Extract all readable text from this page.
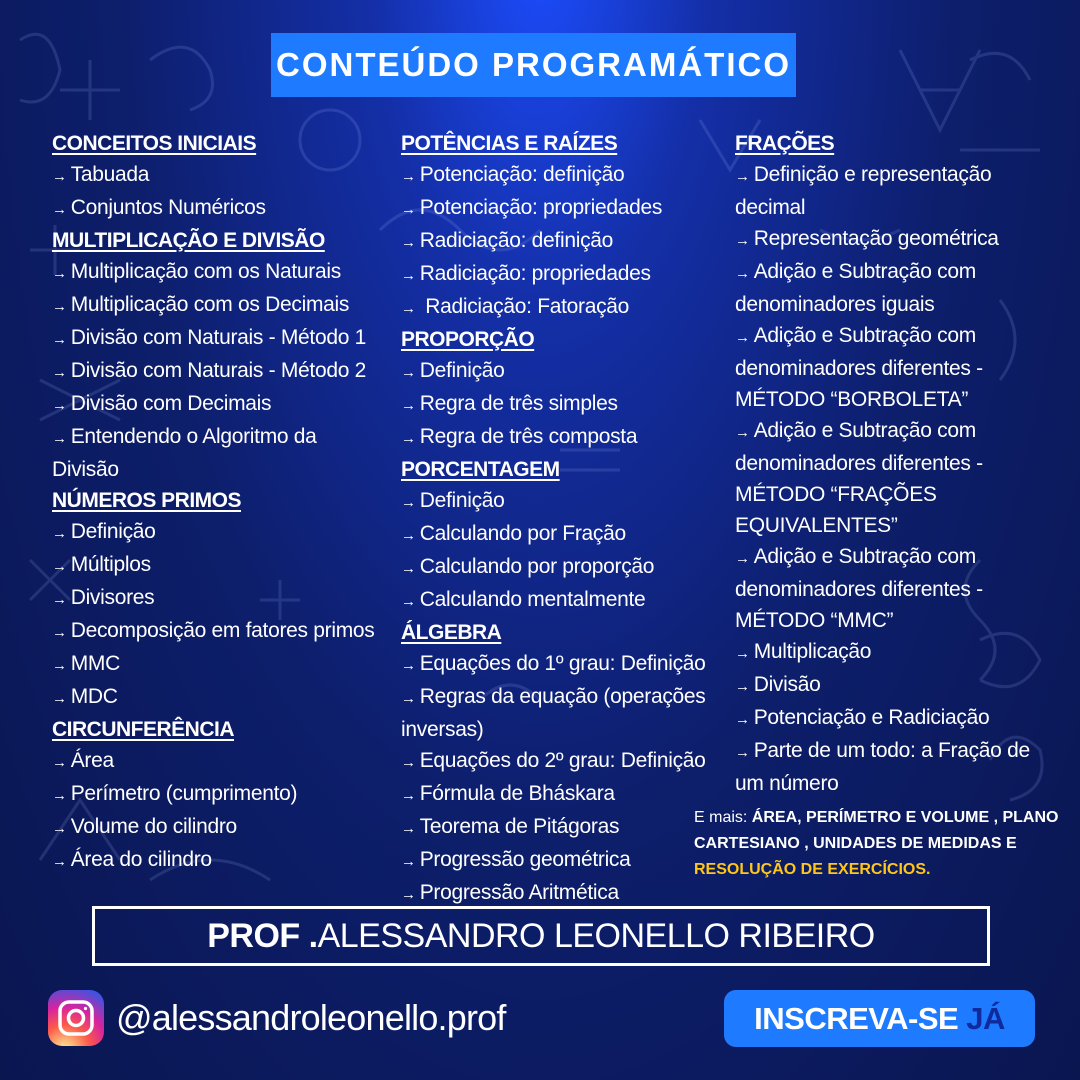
CONTEÚDO PROGRAMÁTICO
CONCEITOS INICIAIS
→ Tabuada
→ Conjuntos Numéricos
MULTIPLICAÇÃO E DIVISÃO
→ Multiplicação com os Naturais
→ Multiplicação com os Decimais
→ Divisão com Naturais - Método 1
→ Divisão com Naturais - Método 2
→ Divisão com Decimais
→ Entendendo o Algoritmo da Divisão
NÚMEROS PRIMOS
→ Definição
→ Múltiplos
→ Divisores
→ Decomposição em fatores primos
→ MMC
→ MDC
CIRCUNFERÊNCIA
→ Área
→ Perímetro (cumprimento)
→ Volume do cilindro
→ Área do cilindro
POTÊNCIAS E RAÍZES
→ Potenciação: definição
→ Potenciação: propriedades
→ Radiciação: definição
→ Radiciação: propriedades
→ Radiciação: Fatoração
PROPORÇÃO
→ Definição
→ Regra de três simples
→ Regra de três composta
PORCENTAGEM
→ Definição
→ Calculando por Fração
→ Calculando por proporção
→ Calculando mentalmente
ÁLGEBRA
→ Equações do 1º grau: Definição
→ Regras da equação (operações inversas)
→ Equações do 2º grau: Definição
→ Fórmula de Bháskara
→ Teorema de Pitágoras
→ Progressão geométrica
→ Progressão Aritmética
FRAÇÕES
→ Definição e representação decimal
→ Representação geométrica
→ Adição e Subtração com denominadores iguais
→ Adição e Subtração com denominadores diferentes - MÉTODO “BORBOLETA”
→ Adição e Subtração com denominadores diferentes - MÉTODO “FRAÇÕES EQUIVALENTES”
→ Adição e Subtração com denominadores diferentes - MÉTODO “MMC”
→ Multiplicação
→ Divisão
→ Potenciação e Radiciação
→ Parte de um todo: a Fração de um número
E mais: ÁREA, PERÍMETRO E VOLUME , PLANO CARTESIANO , UNIDADES DE MEDIDAS E RESOLUÇÃO DE EXERCÍCIOS.
PROF . ALESSANDRO LEONELLO RIBEIRO
@alessandroleonello.prof	INSCREVA-SE JÁ
